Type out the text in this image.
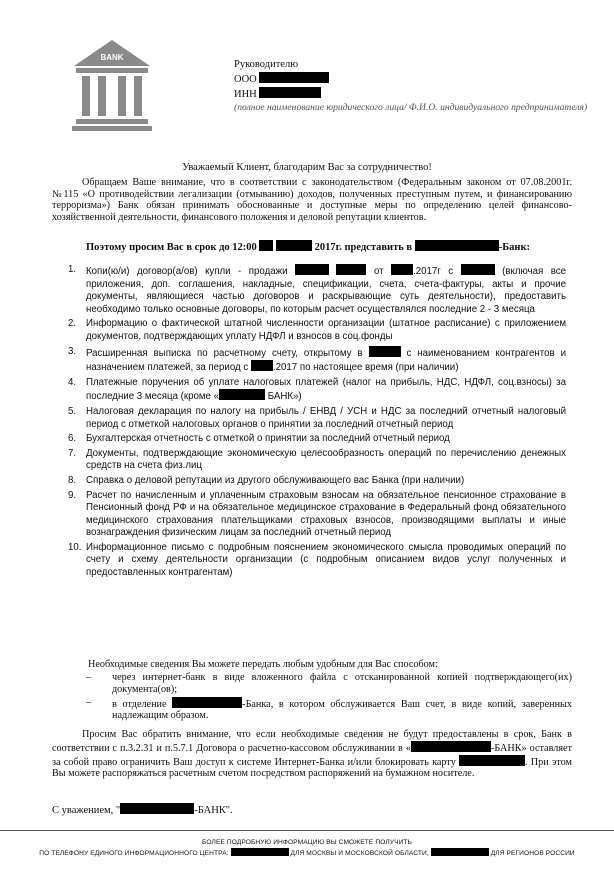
BANK
Руководителю
ООО
ИНН
(полное наименование юридического лица/ Ф.И.О. индивидуального предпринимателя)
Уважаемый Клиент, благодарим Вас за сотрудничество!
Обращаем Ваше внимание, что в соответствии с законодательством (Федеральным законом от 07.08.2001г. №115 «О противодействии легализации (отмыванию) доходов, полученных преступным путем, и финансированию терроризма») Банк обязан принимать обоснованные и доступные меры по определению целей финансово-хозяйственной деятельности, финансового положения и деловой репутации клиентов.
Поэтому просим Вас в срок до 12:00	2017г. представить в	-Банк:
1. Копи(ю/и) договор(а/ов) купли - продажи	от	.2017г с	(включая все приложения, доп. соглашения, накладные, спецификации, счета, счета-фактуры, акты и прочие документы, являющиеся частью договоров и раскрывающие суть деятельности), предоставить необходимо только основные договоры, по которым расчет осуществлялся последние 2 - 3 месяца
2. Информацию о фактической штатной численности организации (штатное расписание) с приложением документов, подтверждающих уплату НДФЛ и взносов в соц.фонды
3. Расширенная выписка по расчетному счету, открытому в	с наименованием контрагентов и назначением платежей, за период с	.2017 по настоящее время (при наличии)
4. Платежные поручения об уплате налоговых платежей (налог на прибыль, НДС, НДФЛ, соц.взносы) за последние 3 месяца (кроме «	БАНК»)
5. Налоговая декларация по налогу на прибыль / ЕНВД / УСН и НДС за последний отчетный налоговый период с отметкой налоговых органов о принятии за последний отчетный период
6. Бухгалтерская отчетность с отметкой о принятии за последний отчетный период
7. Документы, подтверждающие экономическую целесообразность операций по перечислению денежных средств на счета физ.лиц
8. Справка о деловой репутации из другого обслуживающего вас Банка (при наличии)
9. Расчет по начисленным и уплаченным страховым взносам на обязательное пенсионное страхование в Пенсионный фонд РФ и на обязательное медицинское страхование в Федеральный фонд обязательного медицинского страхования плательщиками страховых взносов, производящими выплаты и иные вознаграждения физическим лицам за последний отчетный период
10. Информационное письмо с подробным пояснением экономического смысла проводимых операций по счету и схему деятельности организации (с подробным описанием видов услуг полученных и предоставленных контрагентам)
Необходимые сведения Вы можете передать любым удобным для Вас способом:
– через интернет-банк в виде вложенного файла с отсканированной копией подтверждающего(их) документа(ов);
– в отделение	-Банка, в котором обслуживается Ваш счет, в виде копий, заверенных надлежащим образом.
Просим Вас обратить внимание, что если необходимые сведения не будут предоставлены в срок, Банк в соответствии с п.3.2.31 и п.5.7.1 Договора о расчетно-кассовом обслуживании в «	-БАНК» оставляет за собой право ограничить Ваш доступ к системе Интернет-Банка и/или блокировать карту	. При этом Вы можете распоряжаться расчетным счетом посредством распоряжений на бумажном носителе.
С уважением, "	-БАНК".
БОЛЕЕ ПОДРОБНУЮ ИНФОРМАЦИЮ ВЫ СМОЖЕТЕ ПОЛУЧИТЬ
ПО ТЕЛЕФОНУ ЕДИНОГО ИНФОРМАЦИОННОГО ЦЕНТРА:	ДЛЯ МОСКВЫ И МОСКОВСКОЙ ОБЛАСТИ,	ДЛЯ РЕГИОНОВ РОССИИ
